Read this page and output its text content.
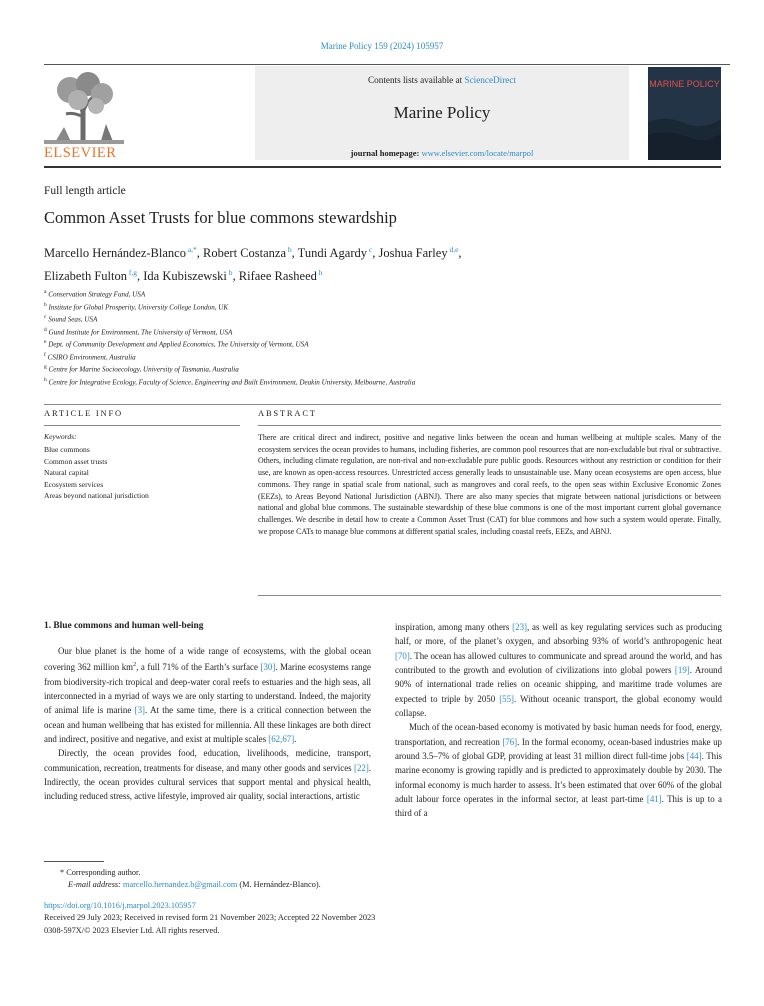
Marine Policy 159 (2024) 105957
ELSEVIER
Contents lists available at ScienceDirect
Marine Policy
journal homepage: www.elsevier.com/locate/marpol
MARINE POLICY
Full length article
Common Asset Trusts for blue commons stewardship
Marcello Hernández-Blanco $^{a,*}$, Robert Costanza $^b$, Tundi Agardy $^c$, Joshua Farley $^{d,e}$,
Elizabeth Fulton $^{f,g}$, Ida Kubiszewski $^b$, Rifaee Rasheed $^h$
$^a$ Conservation Strategy Fund, USA
$^b$ Institute for Global Prosperity, University College London, UK
$^c$ Sound Seas, USA
$^d$ Gund Institute for Environment, The University of Vermont, USA
$^e$ Dept. of Community Development and Applied Economics, The University of Vermont, USA
$^f$ CSIRO Environment, Australia
$^g$ Centre for Marine Socioecology, University of Tasmania, Australia
$^h$ Centre for Integrative Ecology, Faculty of Science, Engineering and Built Environment, Deakin University, Melbourne, Australia
ARTICLE INFO	ABSTRACT
Keywords:
Blue commons
Common asset trusts
Natural capital
Ecosystem services
Areas beyond national jurisdiction
There are critical direct and indirect, positive and negative links between the ocean and human wellbeing at multiple scales. Many of the ecosystem services the ocean provides to humans, including fisheries, are common pool resources that are non-excludable but rival or subtractive. Others, including climate regulation, are non-rival and non-excludable pure public goods. Resources without any restriction or condition for their use, are known as open-access resources. Unrestricted access generally leads to unsustainable use. Many ocean ecosystems are open access, blue commons. They range in spatial scale from national, such as mangroves and coral reefs, to the open seas within Exclusive Economic Zones (EEZs), to Areas Beyond National Jurisdiction (ABNJ). There are also many species that migrate between national jurisdictions or between national and global blue commons. The sustainable stewardship of these blue commons is one of the most important current global governance challenges. We describe in detail how to create a Common Asset Trust (CAT) for blue commons and how such a system would operate. Finally, we propose CATs to manage blue commons at different spatial scales, including coastal reefs, EEZs, and ABNJ.
1. Blue commons and human well-being

Our blue planet is the home of a wide range of ecosystems, with the global ocean covering 362 million $km^2$, a full 71% of the Earth’s surface [30]. Marine ecosystems range from biodiversity-rich tropical and deep-water coral reefs to estuaries and the high seas, all interconnected in a myriad of ways we are only starting to understand. Indeed, the majority of animal life is marine [3]. At the same time, there is a critical connection between the ocean and human wellbeing that has existed for millennia. All these linkages are both direct and indirect, positive and negative, and exist at multiple scales [62,67].

Directly, the ocean provides food, education, livelihoods, medicine, transport, communication, recreation, treatments for disease, and many other goods and services [22]. Indirectly, the ocean provides cultural services that support mental and physical health, including reduced stress, active lifestyle, improved air quality, social interactions, artistic

inspiration, among many others [23], as well as key regulating services such as producing half, or more, of the planet’s oxygen, and absorbing 93% of world’s anthropogenic heat [70]. The ocean has allowed cultures to communicate and spread around the world, and has contributed to the growth and evolution of civilizations into global powers [19]. Around 90% of international trade relies on oceanic shipping, and maritime trade volumes are expected to triple by 2050 [55]. Without oceanic transport, the global economy would collapse.

Much of the ocean-based economy is motivated by basic human needs for food, energy, transportation, and recreation [76]. In the formal economy, ocean-based industries make up around 3.5–7% of global GDP, providing at least 31 million direct full-time jobs [44]. This marine economy is growing rapidly and is predicted to approximately double by 2030. The informal economy is much harder to assess. It’s been estimated that over 60% of the global adult labour force operates in the informal sector, at least part-time [41]. This is up to a third of a

* Corresponding author.
E-mail address: marcello.hernandez.b@gmail.com (M. Hernández-Blanco).
https://doi.org/10.1016/j.marpol.2023.105957
Received 29 July 2023; Received in revised form 21 November 2023; Accepted 22 November 2023
0308-597X/© 2023 Elsevier Ltd. All rights reserved.
